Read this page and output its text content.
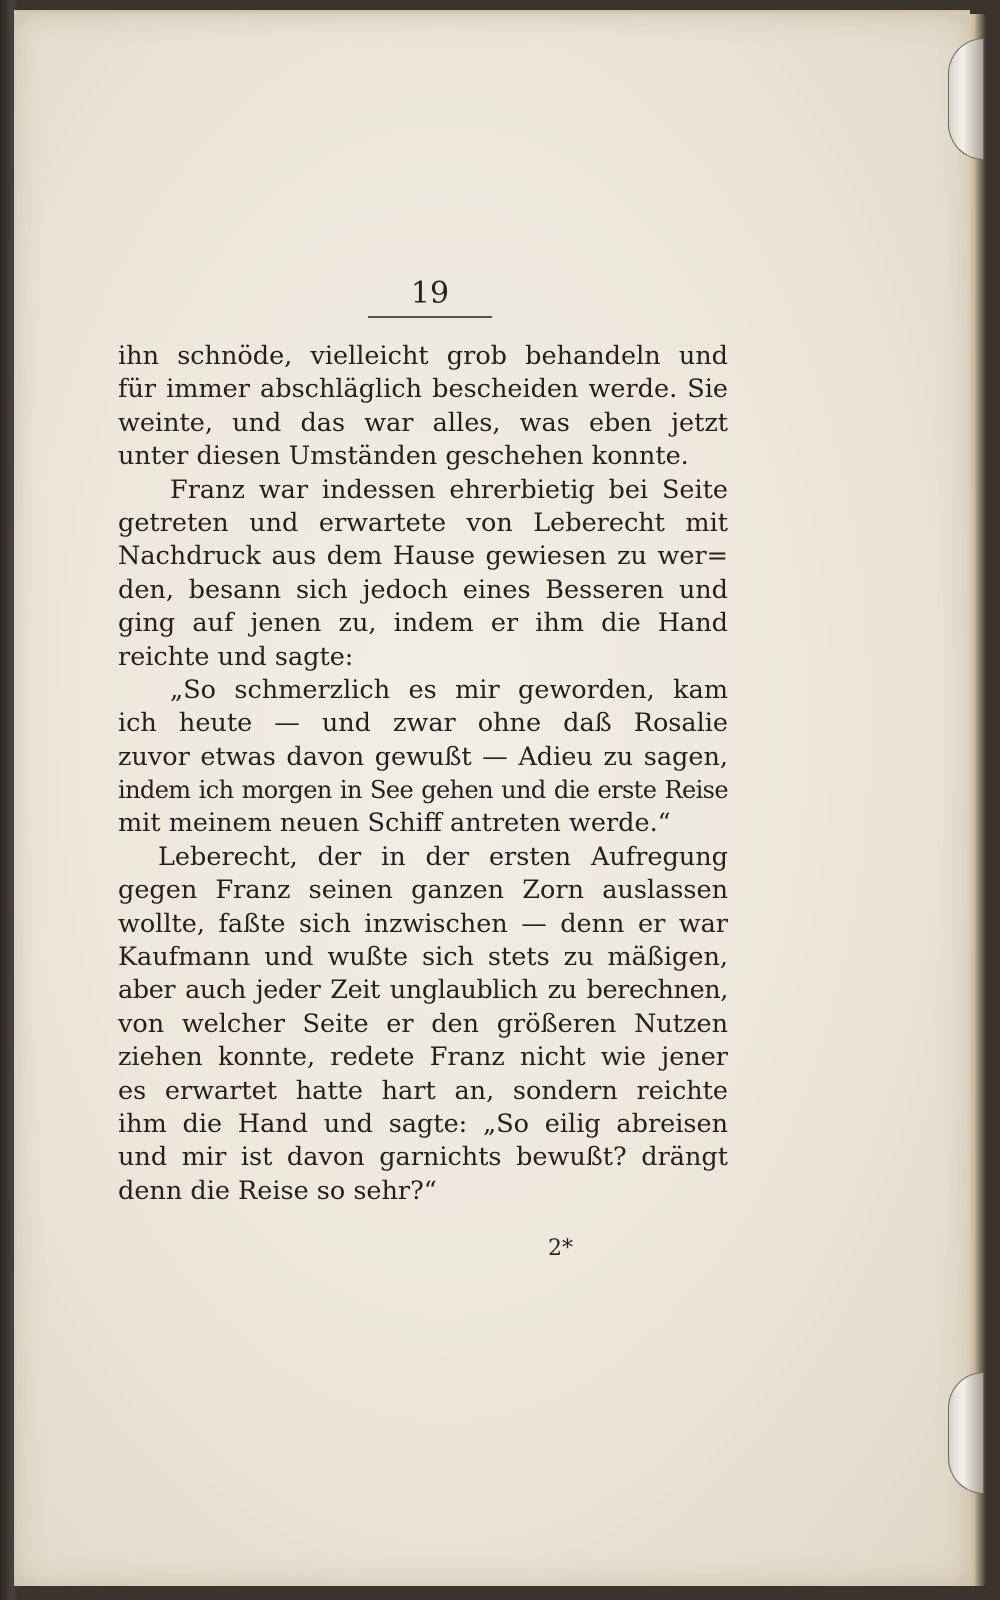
19
ihn schnöde, vielleicht grob behandeln und
für immer abschläglich bescheiden werde. Sie
weinte, und das war alles, was eben jetzt
unter diesen Umständen geschehen konnte.
Franz war indessen ehrerbietig bei Seite
getreten und erwartete von Leberecht mit
Nachdruck aus dem Hause gewiesen zu wer=
den, besann sich jedoch eines Besseren und
ging auf jenen zu, indem er ihm die Hand
reichte und sagte:
„So schmerzlich es mir geworden, kam
ich heute — und zwar ohne daß Rosalie
zuvor etwas davon gewußt — Adieu zu sagen,
indem ich morgen in See gehen und die erste Reise
mit meinem neuen Schiff antreten werde.“
Leberecht, der in der ersten Aufregung
gegen Franz seinen ganzen Zorn auslassen
wollte, faßte sich inzwischen — denn er war
Kaufmann und wußte sich stets zu mäßigen,
aber auch jeder Zeit unglaublich zu berechnen,
von welcher Seite er den größeren Nutzen
ziehen konnte, redete Franz nicht wie jener
es erwartet hatte hart an, sondern reichte
ihm die Hand und sagte: „So eilig abreisen
und mir ist davon garnichts bewußt? drängt
denn die Reise so sehr?“
2*
